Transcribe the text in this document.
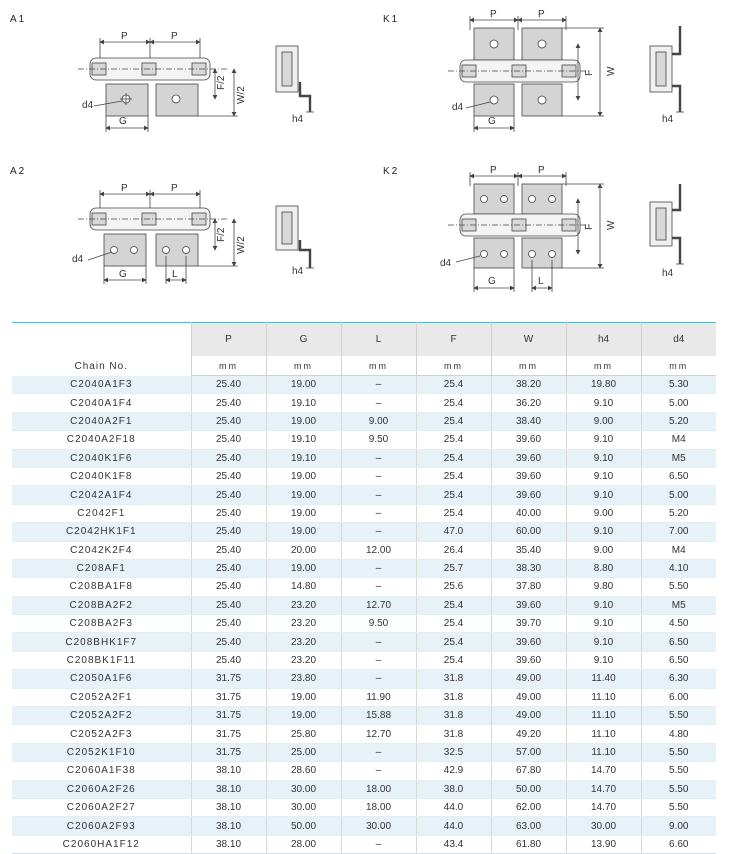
A1	K1
A2	K2
P	P
G
d4
F/2
W/2
h4
P	P
G
d4
F W
h4
P	P
G	L
d4
F/2
W/2
h4
P	P
G	L
d4
F W
h4
Chain No.	P	G	L	F	W	h4	d4
	mm	mm	mm	mm	mm	mm	mm
C2040A1F3	25.40	19.00	–	25.4	38.20	19.80	5.30
C2040A1F4	25.40	19.10	–	25.4	36.20	9.10	5.00
C2040A2F1	25.40	19.00	9.00	25.4	38.40	9.00	5.20
C2040A2F18	25.40	19.10	9.50	25.4	39.60	9.10	M4
C2040K1F6	25.40	19.10	–	25.4	39.60	9.10	M5
C2040K1F8	25.40	19.00	–	25.4	39.60	9.10	6.50
C2042A1F4	25.40	19.00	–	25.4	39.60	9.10	5.00
C2042F1	25.40	19.00	–	25.4	40.00	9.00	5.20
C2042HK1F1	25.40	19.00	–	47.0	60.00	9.10	7.00
C2042K2F4	25.40	20.00	12.00	26.4	35.40	9.00	M4
C208AF1	25.40	19.00	–	25.7	38.30	8.80	4.10
C208BA1F8	25.40	14.80	–	25.6	37.80	9.80	5.50
C208BA2F2	25.40	23.20	12.70	25.4	39.60	9.10	M5
C208BA2F3	25.40	23.20	9.50	25.4	39.70	9.10	4.50
C208BHK1F7	25.40	23.20	–	25.4	39.60	9.10	6.50
C208BK1F11	25.40	23.20	–	25.4	39.60	9.10	6.50
C2050A1F6	31.75	23.80	–	31.8	49.00	11.40	6.30
C2052A2F1	31.75	19.00	11.90	31.8	49.00	11.10	6.00
C2052A2F2	31.75	19.00	15.88	31.8	49.00	11.10	5.50
C2052A2F3	31.75	25.80	12.70	31.8	49.20	11.10	4.80
C2052K1F10	31.75	25.00	–	32.5	57.00	11.10	5.50
C2060A1F38	38.10	28.60	–	42.9	67.80	14.70	5.50
C2060A2F26	38.10	30.00	18.00	38.0	50.00	14.70	5.50
C2060A2F27	38.10	30.00	18.00	44.0	62.00	14.70	5.50
C2060A2F93	38.10	50.00	30.00	44.0	63.00	30.00	9.00
C2060HA1F12	38.10	28.00	–	43.4	61.80	13.90	6.60
